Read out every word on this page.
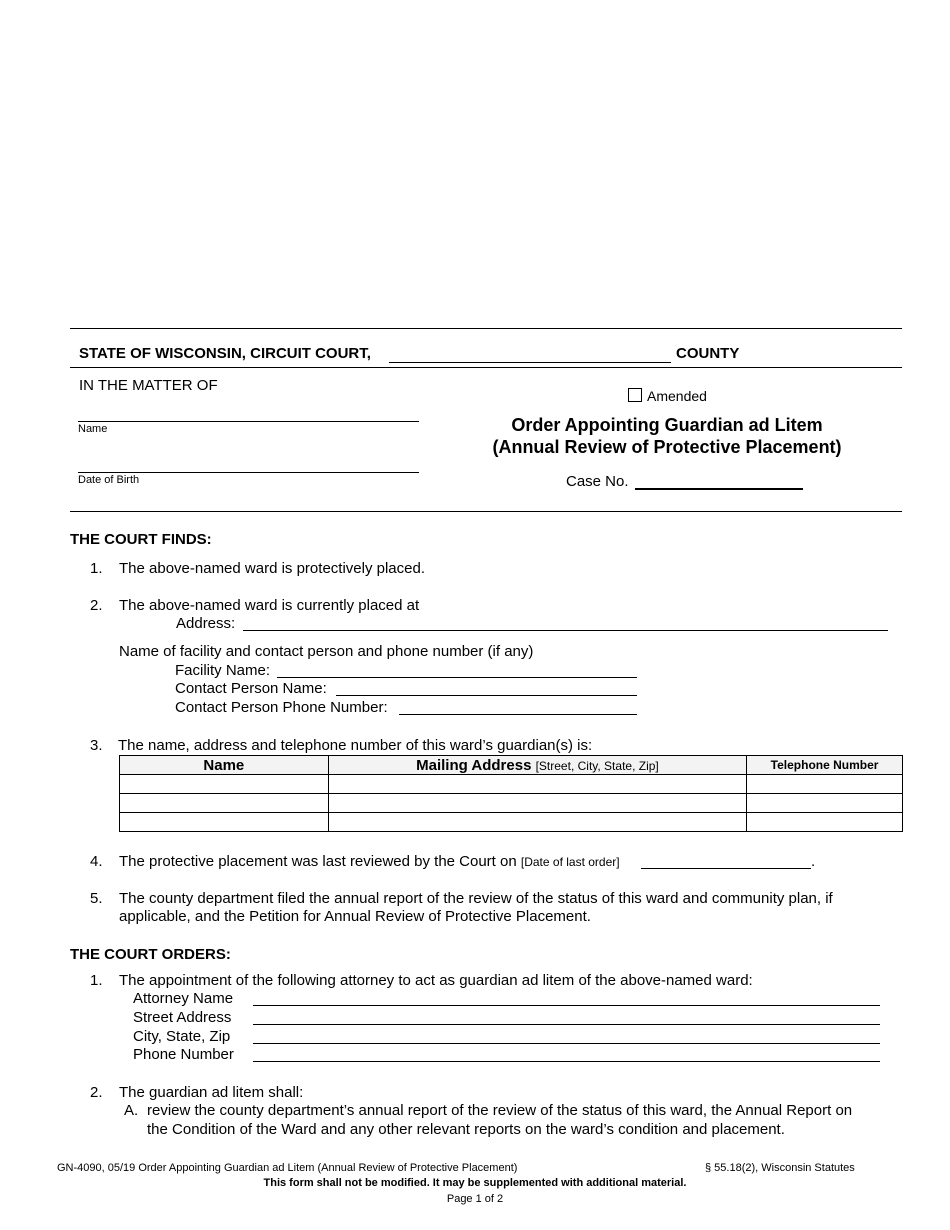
STATE OF WISCONSIN, CIRCUIT COURT,	COUNTY
IN THE MATTER OF
Name
Date of Birth
Amended
Order Appointing Guardian ad Litem
(Annual Review of Protective Placement)
Case No.
THE COURT FINDS:
1. The above-named ward is protectively placed.
2. The above-named ward is currently placed at
Address:
Name of facility and contact person and phone number (if any)
Facility Name:
Contact Person Name:
Contact Person Phone Number:
3. The name, address and telephone number of this ward’s guardian(s) is:
Name	Mailing Address [Street, City, State, Zip]	Telephone Number

4. The protective placement was last reviewed by the Court on [Date of last order]	.
5. The county department filed the annual report of the review of the status of this ward and community plan, if
applicable, and the Petition for Annual Review of Protective Placement.
THE COURT ORDERS:
1. The appointment of the following attorney to act as guardian ad litem of the above-named ward:
Attorney Name
Street Address
City, State, Zip
Phone Number
2. The guardian ad litem shall:
A. review the county department’s annual report of the review of the status of this ward, the Annual Report on
the Condition of the Ward and any other relevant reports on the ward’s condition and placement.
GN-4090, 05/19 Order Appointing Guardian ad Litem (Annual Review of Protective Placement)	§ 55.18(2), Wisconsin Statutes
This form shall not be modified. It may be supplemented with additional material.
Page 1 of 2
